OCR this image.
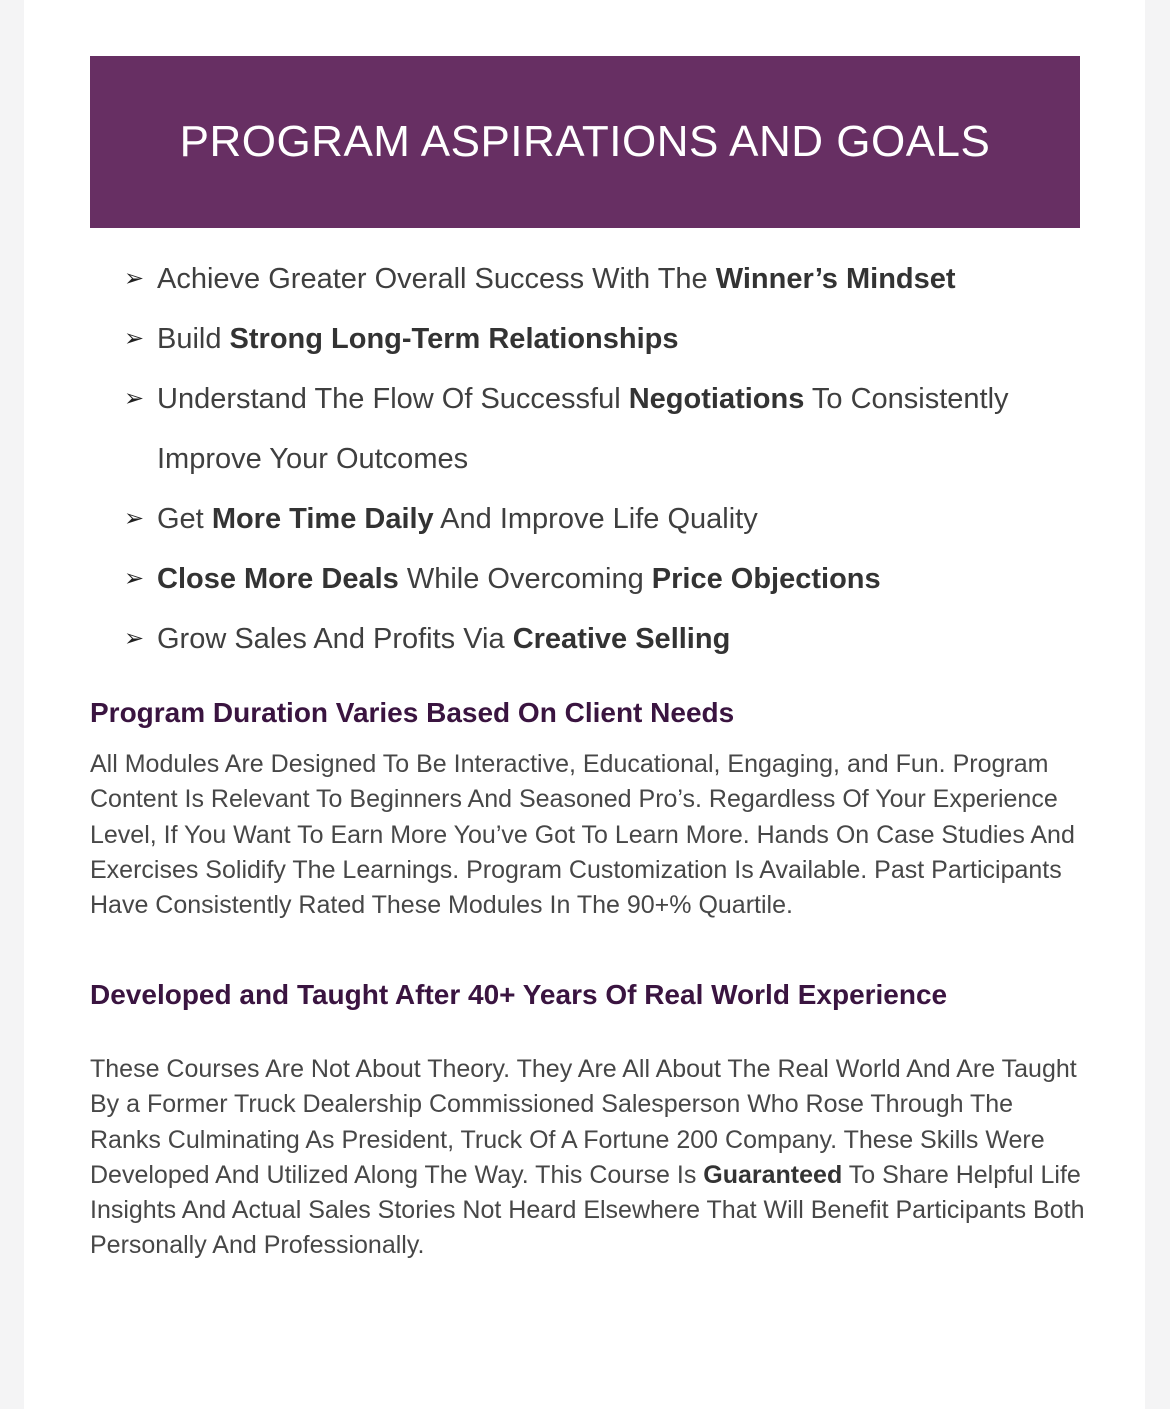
PROGRAM ASPIRATIONS AND GOALS
➢ Achieve Greater Overall Success With The Winner’s Mindset
➢ Build Strong Long-Term Relationships
➢ Understand The Flow Of Successful Negotiations To Consistently Improve Your Outcomes
➢ Get More Time Daily And Improve Life Quality
➢ Close More Deals While Overcoming Price Objections
➢ Grow Sales And Profits Via Creative Selling
Program Duration Varies Based On Client Needs

All Modules Are Designed To Be Interactive, Educational, Engaging, and Fun. Program Content Is Relevant To Beginners And Seasoned Pro’s. Regardless Of Your Experience Level, If You Want To Earn More You’ve Got To Learn More. Hands On Case Studies And Exercises Solidify The Learnings. Program Customization Is Available. Past Participants Have Consistently Rated These Modules In The 90+% Quartile.

Developed and Taught After 40+ Years Of Real World Experience

These Courses Are Not About Theory. They Are All About The Real World And Are Taught By a Former Truck Dealership Commissioned Salesperson Who Rose Through The Ranks Culminating As President, Truck Of A Fortune 200 Company. These Skills Were Developed And Utilized Along The Way. This Course Is Guaranteed To Share Helpful Life Insights And Actual Sales Stories Not Heard Elsewhere That Will Benefit Participants Both Personally And Professionally.
